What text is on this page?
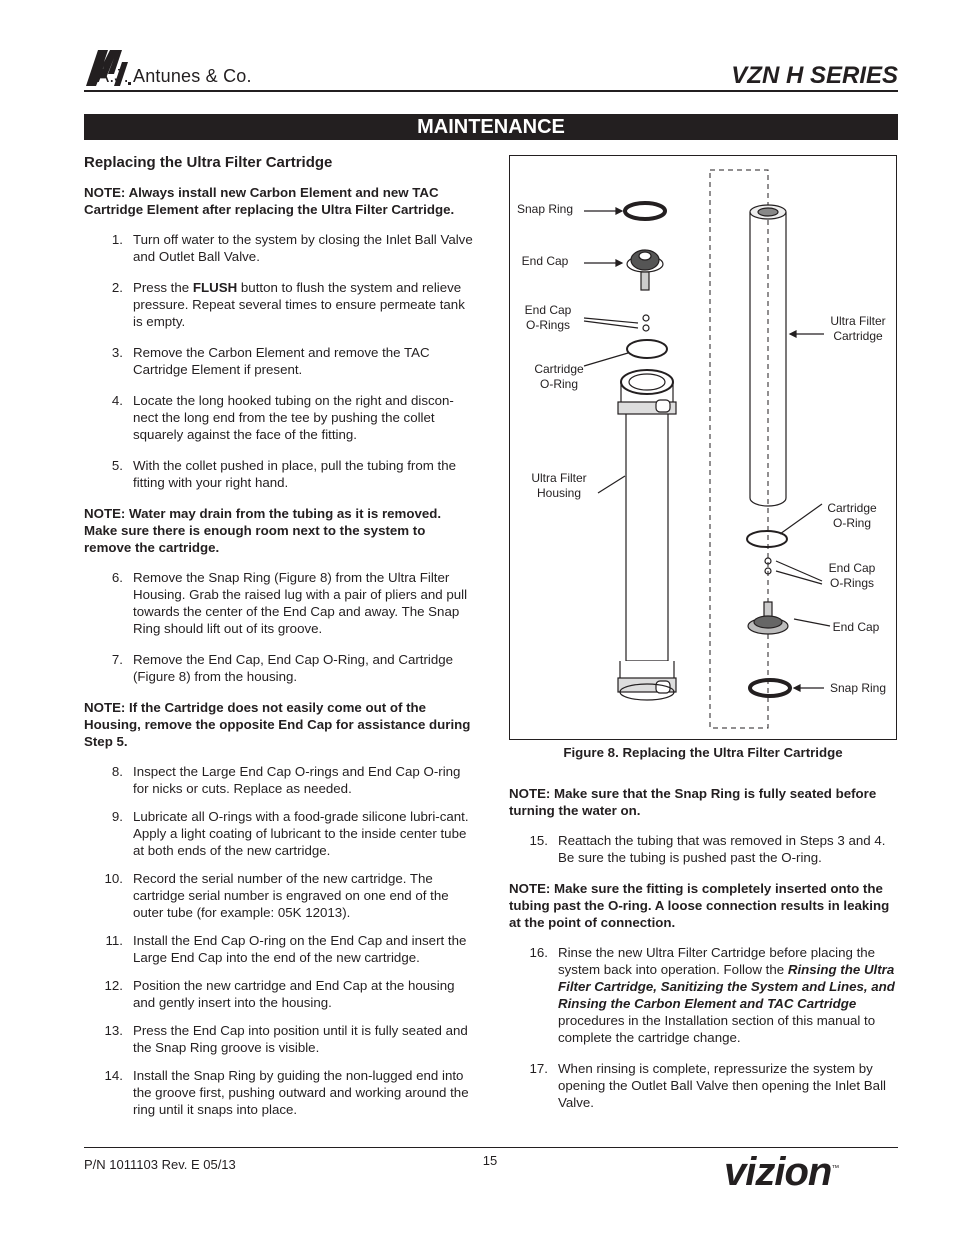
A.J. Antunes & Co.	VZN H SERIES
MAINTENANCE
Replacing the Ultra Filter Cartridge

NOTE: Always install new Carbon Element and new TAC Cartridge Element after replacing the Ultra Filter Cartridge.

1. Turn off water to the system by closing the Inlet Ball Valve and Outlet Ball Valve.
2. Press the FLUSH button to flush the system and relieve pressure. Repeat several times to ensure permeate tank is empty.
3. Remove the Carbon Element and remove the TAC Cartridge Element if present.
4. Locate the long hooked tubing on the right and discon-nect the long end from the tee by pushing the collet squarely against the face of the fitting.
5. With the collet pushed in place, pull the tubing from the fitting with your right hand.

NOTE: Water may drain from the tubing as it is removed. Make sure there is enough room next to the system to remove the cartridge.

6. Remove the Snap Ring (Figure 8) from the Ultra Filter Housing. Grab the raised lug with a pair of pliers and pull towards the center of the End Cap and away. The Snap Ring should lift out of its groove.
7. Remove the End Cap, End Cap O-Ring, and Cartridge (Figure 8) from the housing.

NOTE: If the Cartridge does not easily come out of the Housing, remove the opposite End Cap for assistance during Step 5.

8. Inspect the Large End Cap O-rings and End Cap O-ring for nicks or cuts. Replace as needed.
9. Lubricate all O-rings with a food-grade silicone lubri-cant. Apply a light coating of lubricant to the inside center tube at both ends of the new cartridge.
10. Record the serial number of the new cartridge. The cartridge serial number is engraved on one end of the outer tube (for example: 05K 12013).
11. Install the End Cap O-ring on the End Cap and insert the Large End Cap into the end of the new cartridge.
12. Position the new cartridge and End Cap at the housing and gently insert into the housing.
13. Press the End Cap into position until it is fully seated and the Snap Ring groove is visible.
14. Install the Snap Ring by guiding the non-lugged end into the groove first, pushing outward and working around the ring until it snaps into place.
Snap Ring
End Cap
End Cap
O-Rings
Cartridge
O-Ring
Ultra Filter
Housing
Ultra Filter
Cartridge
Cartridge
O-Ring
End Cap
O-Rings
End Cap
Snap Ring
Figure 8. Replacing the Ultra Filter Cartridge

NOTE: Make sure that the Snap Ring is fully seated before turning the water on.

15. Reattach the tubing that was removed in Steps 3 and 4. Be sure the tubing is pushed past the O-ring.

NOTE: Make sure the fitting is completely inserted onto the tubing past the O-ring. A loose connection results in leaking at the point of connection.

16. Rinse the new Ultra Filter Cartridge before placing the system back into operation. Follow the Rinsing the Ultra Filter Cartridge, Sanitizing the System and Lines, and Rinsing the Carbon Element and TAC Cartridge procedures in the Installation section of this manual to complete the cartridge change.
17. When rinsing is complete, repressurize the system by opening the Outlet Ball Valve then opening the Inlet Ball Valve.
P/N 1011103 Rev. E 05/13	15	vizion™
